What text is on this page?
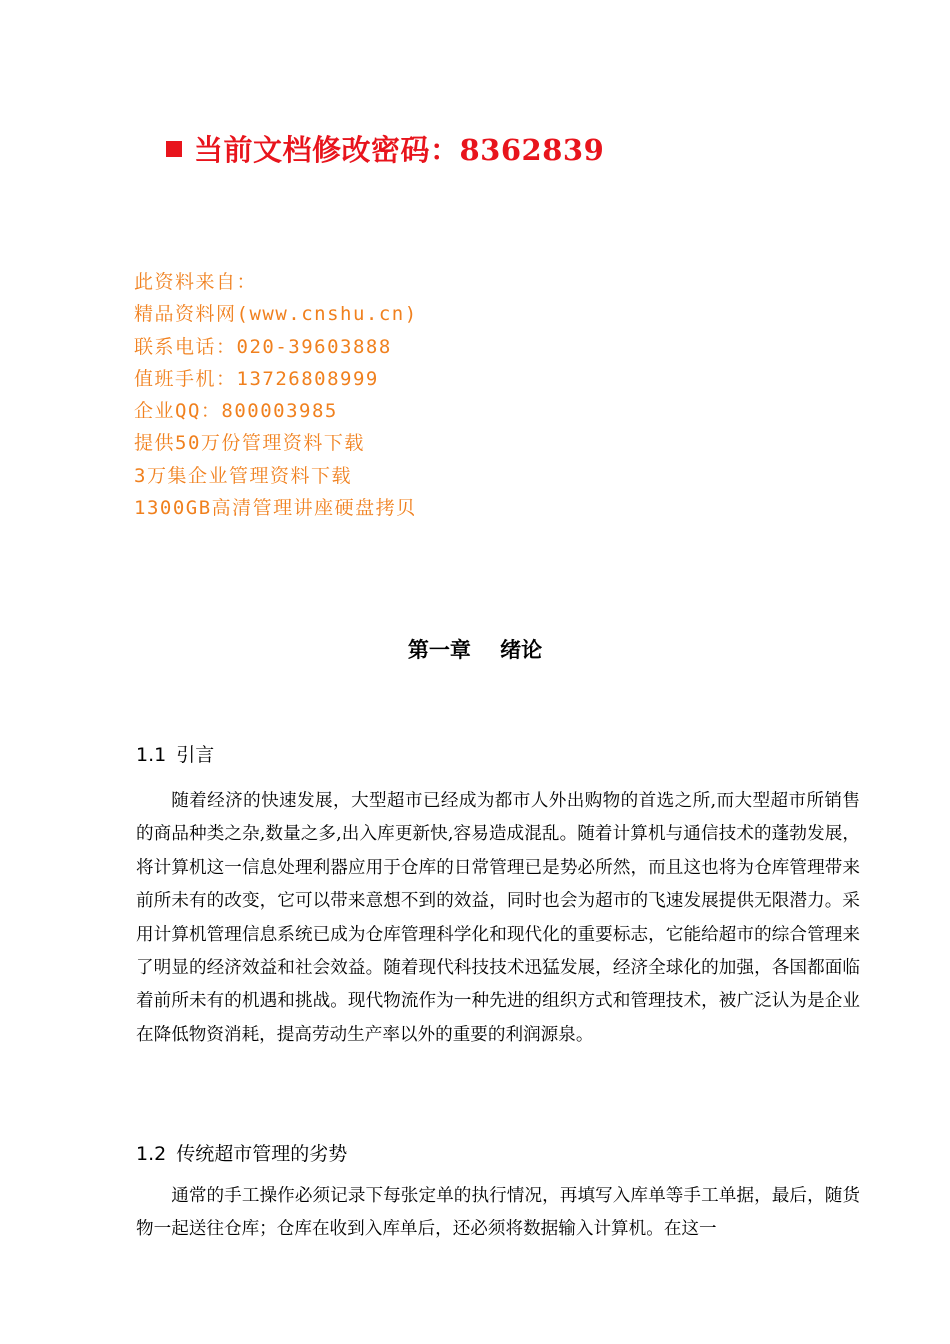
当前文档修改密码：8362839
此资料来自：
精品资料网(www.cnshu.cn)
联系电话：020-39603888
值班手机：13726808999
企业QQ：800003985
提供50万份管理资料下载
3万集企业管理资料下载
1300GB高清管理讲座硬盘拷贝
第一章    绪论
1.1 引言
随着经济的快速发展，大型超市已经成为都市人外出购物的首选之所,而大型超市所销售的商品种类之杂,数量之多,出入库更新快,容易造成混乱。随着计算机与通信技术的蓬勃发展，将计算机这一信息处理利器应用于仓库的日常管理已是势必所然，而且这也将为仓库管理带来前所未有的改变，它可以带来意想不到的效益，同时也会为超市的飞速发展提供无限潜力。采用计算机管理信息系统已成为仓库管理科学化和现代化的重要标志，它能给超市的综合管理来了明显的经济效益和社会效益。随着现代科技技术迅猛发展，经济全球化的加强，各国都面临着前所未有的机遇和挑战。现代物流作为一种先进的组织方式和管理技术，被广泛认为是企业在降低物资消耗，提高劳动生产率以外的重要的利润源泉。
1.2 传统超市管理的劣势
通常的手工操作必须记录下每张定单的执行情况，再填写入库单等手工单据，最后，随货物一起送往仓库；仓库在收到入库单后，还必须将数据输入计算机。在这一
